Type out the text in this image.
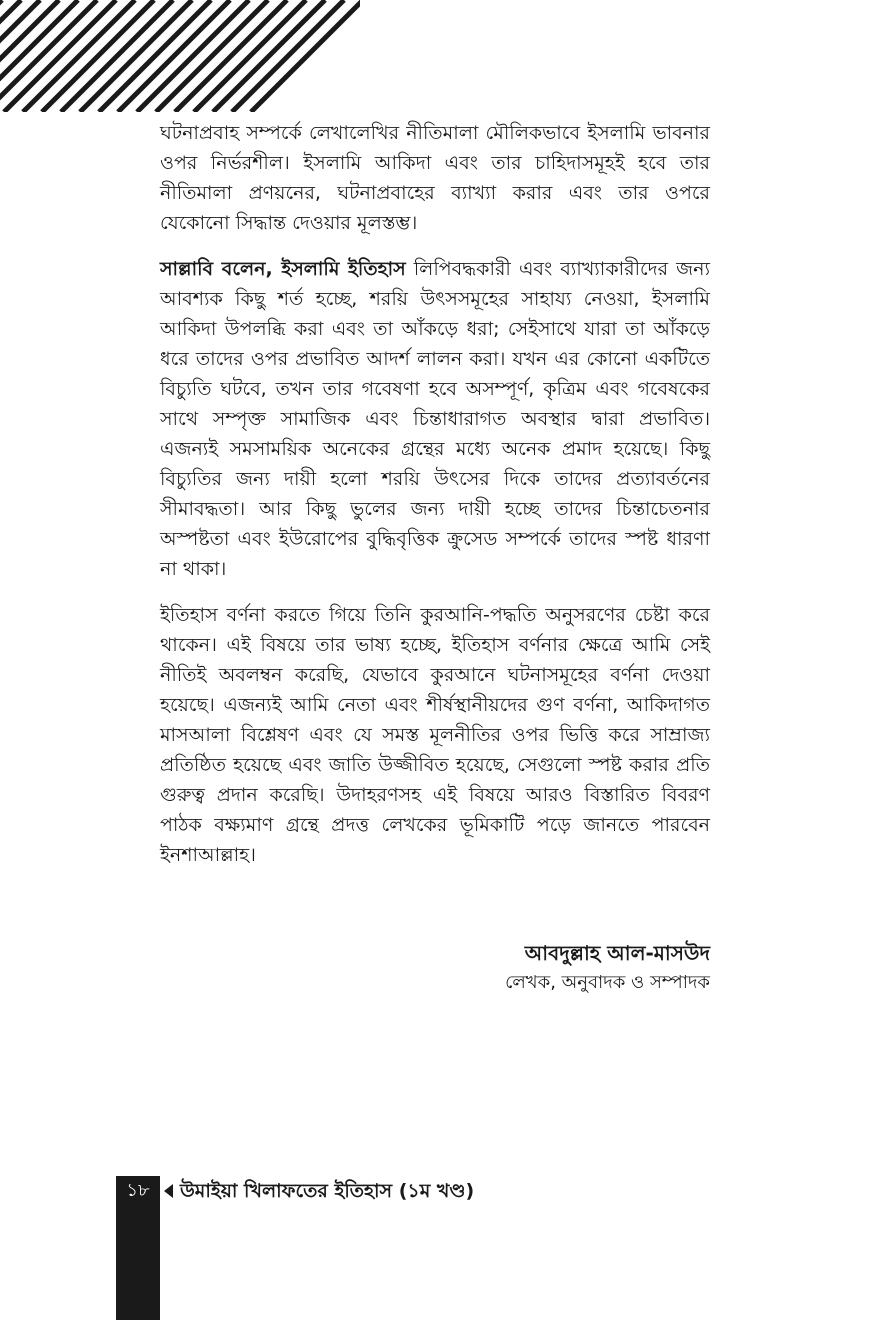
ঘটনাপ্রবাহ সম্পর্কে লেখালেখির নীতিমালা মৌলিকভাবে ইসলামি ভাবনার ওপর নির্ভরশীল। ইসলামি আকিদা এবং তার চাহিদাসমূহই হবে তার নীতিমালা প্রণয়নের, ঘটনাপ্রবাহের ব্যাখ্যা করার এবং তার ওপরে যেকোনো সিদ্ধান্ত দেওয়ার মূলস্তম্ভ।

সাল্লাবি বলেন, ইসলামি ইতিহাস লিপিবদ্ধকারী এবং ব্যাখ্যাকারীদের জন্য আবশ্যক কিছু শর্ত হচ্ছে, শরয়ি উৎসসমূহের সাহায্য নেওয়া, ইসলামি আকিদা উপলব্ধি করা এবং তা আঁকড়ে ধরা; সেইসাথে যারা তা আঁকড়ে ধরে তাদের ওপর প্রভাবিত আদর্শ লালন করা। যখন এর কোনো একটিতে বিচ্যুতি ঘটবে, তখন তার গবেষণা হবে অসম্পূর্ণ, কৃত্রিম এবং গবেষকের সাথে সম্পৃক্ত সামাজিক এবং চিন্তাধারাগত অবস্থার দ্বারা প্রভাবিত। এজন্যই সমসাময়িক অনেকের গ্রন্থের মধ্যে অনেক প্রমাদ হয়েছে। কিছু বিচ্যুতির জন্য দায়ী হলো শরয়ি উৎসের দিকে তাদের প্রত্যাবর্তনের সীমাবদ্ধতা। আর কিছু ভুলের জন্য দায়ী হচ্ছে তাদের চিন্তাচেতনার অস্পষ্টতা এবং ইউরোপের বুদ্ধিবৃত্তিক ক্রুসেড সম্পর্কে তাদের স্পষ্ট ধারণা না থাকা।

ইতিহাস বর্ণনা করতে গিয়ে তিনি কুরআনি-পদ্ধতি অনুসরণের চেষ্টা করে থাকেন। এই বিষয়ে তার ভাষ্য হচ্ছে, ইতিহাস বর্ণনার ক্ষেত্রে আমি সেই নীতিই অবলম্বন করেছি, যেভাবে কুরআনে ঘটনাসমূহের বর্ণনা দেওয়া হয়েছে। এজন্যই আমি নেতা এবং শীর্ষস্থানীয়দের গুণ বর্ণনা, আকিদাগত মাসআলা বিশ্লেষণ এবং যে সমস্ত মূলনীতির ওপর ভিত্তি করে সাম্রাজ্য প্রতিষ্ঠিত হয়েছে এবং জাতি উজ্জীবিত হয়েছে, সেগুলো স্পষ্ট করার প্রতি গুরুত্ব প্রদান করেছি। উদাহরণসহ এই বিষয়ে আরও বিস্তারিত বিবরণ পাঠক বক্ষ্যমাণ গ্রন্থে প্রদত্ত লেখকের ভূমিকাটি পড়ে জানতে পারবেন ইনশাআল্লাহ।

আবদুল্লাহ আল-মাসউদ
লেখক, অনুবাদক ও সম্পাদক
১৮	উমাইয়া খিলাফতের ইতিহাস (১ম খণ্ড)
